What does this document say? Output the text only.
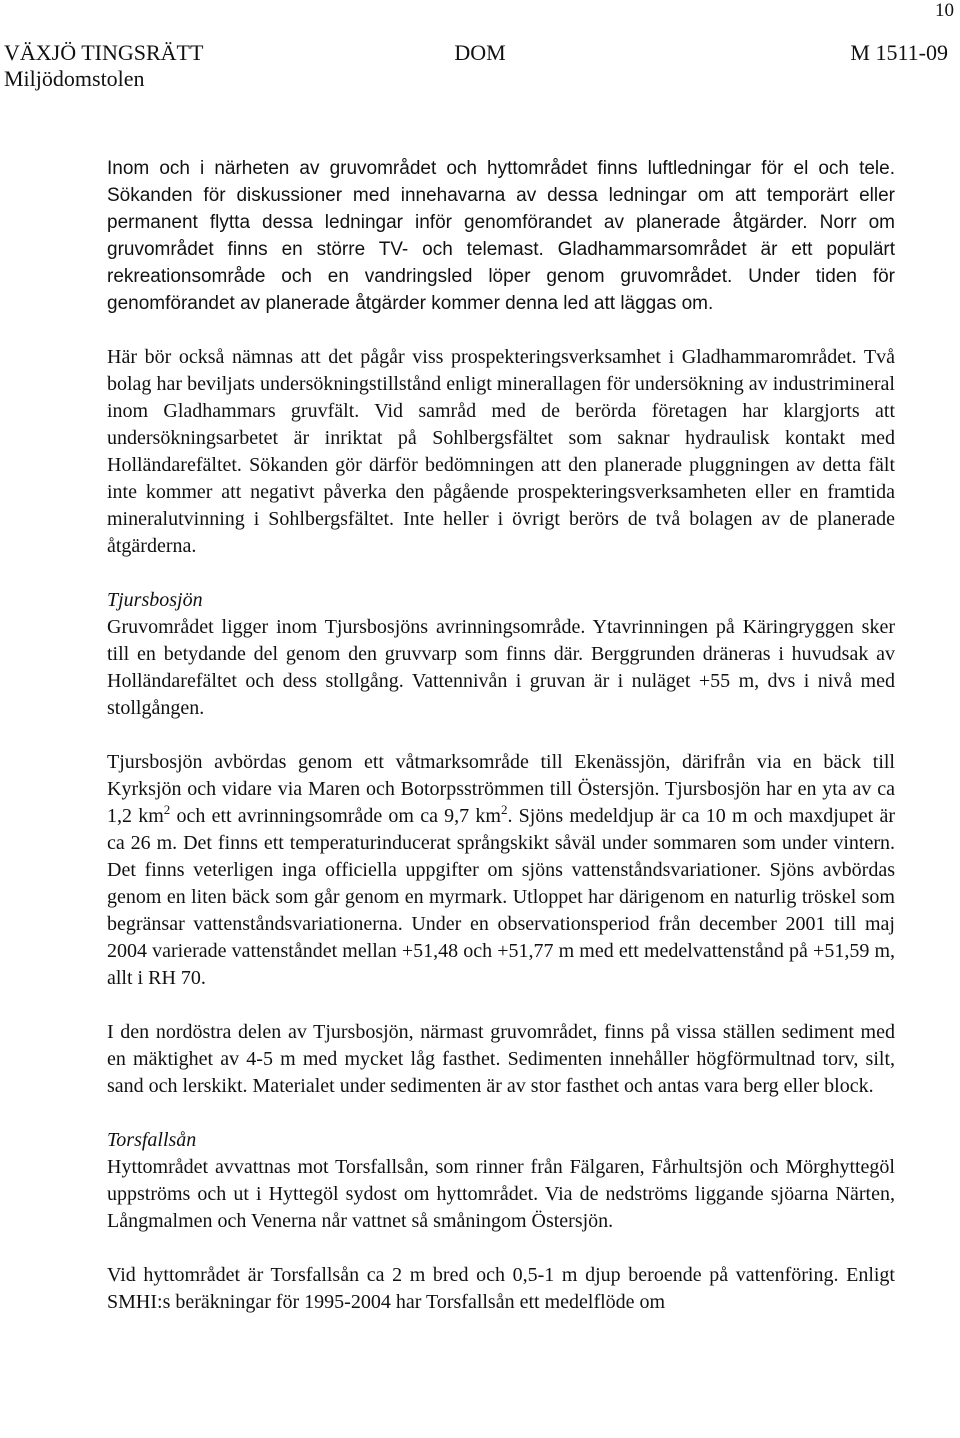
10
VÄXJÖ TINGSRÄTT
Miljödomstolen
DOM	M 1511-09

Inom och i närheten av gruvområdet och hyttområdet finns luftledningar för el och tele. Sökanden för diskussioner med innehavarna av dessa ledningar om att temporärt eller permanent flytta dessa ledningar inför genomförandet av planerade åtgärder. Norr om gruvområdet finns en större TV- och telemast. Gladhammarsområdet är ett populärt rekreationsområde och en vandringsled löper genom gruvområdet. Under tiden för genomförandet av planerade åtgärder kommer denna led att läggas om.

Här bör också nämnas att det pågår viss prospekteringsverksamhet i Gladhammarområdet. Två bolag har beviljats undersökningstillstånd enligt minerallagen för undersökning av industrimineral inom Gladhammars gruvfält. Vid samråd med de berörda företagen har klargjorts att undersökningsarbetet är inriktat på Sohlbergsfältet som saknar hydraulisk kontakt med Holländarefältet. Sökanden gör därför bedömningen att den planerade pluggningen av detta fält inte kommer att negativt påverka den pågående prospekteringsverksamheten eller en framtida mineralutvinning i Sohlbergsfältet. Inte heller i övrigt berörs de två bolagen av de planerade åtgärderna.

Tjursbosjön
Gruvområdet ligger inom Tjursbosjöns avrinningsområde. Ytavrinningen på Käringryggen sker till en betydande del genom den gruvvarp som finns där. Berggrunden dräneras i huvudsak av Holländarefältet och dess stollgång. Vattennivån i gruvan är i nuläget +55 m, dvs i nivå med stollgången.

Tjursbosjön avbördas genom ett våtmarksområde till Ekenässjön, därifrån via en bäck till Kyrksjön och vidare via Maren och Botorpsströmmen till Östersjön. Tjursbosjön har en yta av ca 1,2 $km^2$ och ett avrinningsområde om ca 9,7 $km^2$. Sjöns medeldjup är ca 10 m och maxdjupet är ca 26 m. Det finns ett temperaturinducerat språngskikt såväl under sommaren som under vintern. Det finns veterligen inga officiella uppgifter om sjöns vattenståndsvariationer. Sjöns avbördas genom en liten bäck som går genom en myrmark. Utloppet har därigenom en naturlig tröskel som begränsar vattenståndsvariationerna. Under en observationsperiod från december 2001 till maj 2004 varierade vattenståndet mellan +51,48 och +51,77 m med ett medelvattenstånd på +51,59 m, allt i RH 70.

I den nordöstra delen av Tjursbosjön, närmast gruvområdet, finns på vissa ställen sediment med en mäktighet av 4-5 m med mycket låg fasthet. Sedimenten innehåller högförmultnad torv, silt, sand och lerskikt. Materialet under sedimenten är av stor fasthet och antas vara berg eller block.

Torsfallsån
Hyttområdet avvattnas mot Torsfallsån, som rinner från Fälgaren, Fårhultsjön och Mörghyttegöl uppströms och ut i Hyttegöl sydost om hyttområdet. Via de nedströms liggande sjöarna Närten, Långmalmen och Venerna når vattnet så småningom Östersjön.

Vid hyttområdet är Torsfallsån ca 2 m bred och 0,5-1 m djup beroende på vattenföring. Enligt SMHI:s beräkningar för 1995-2004 har Torsfallsån ett medelflöde om
